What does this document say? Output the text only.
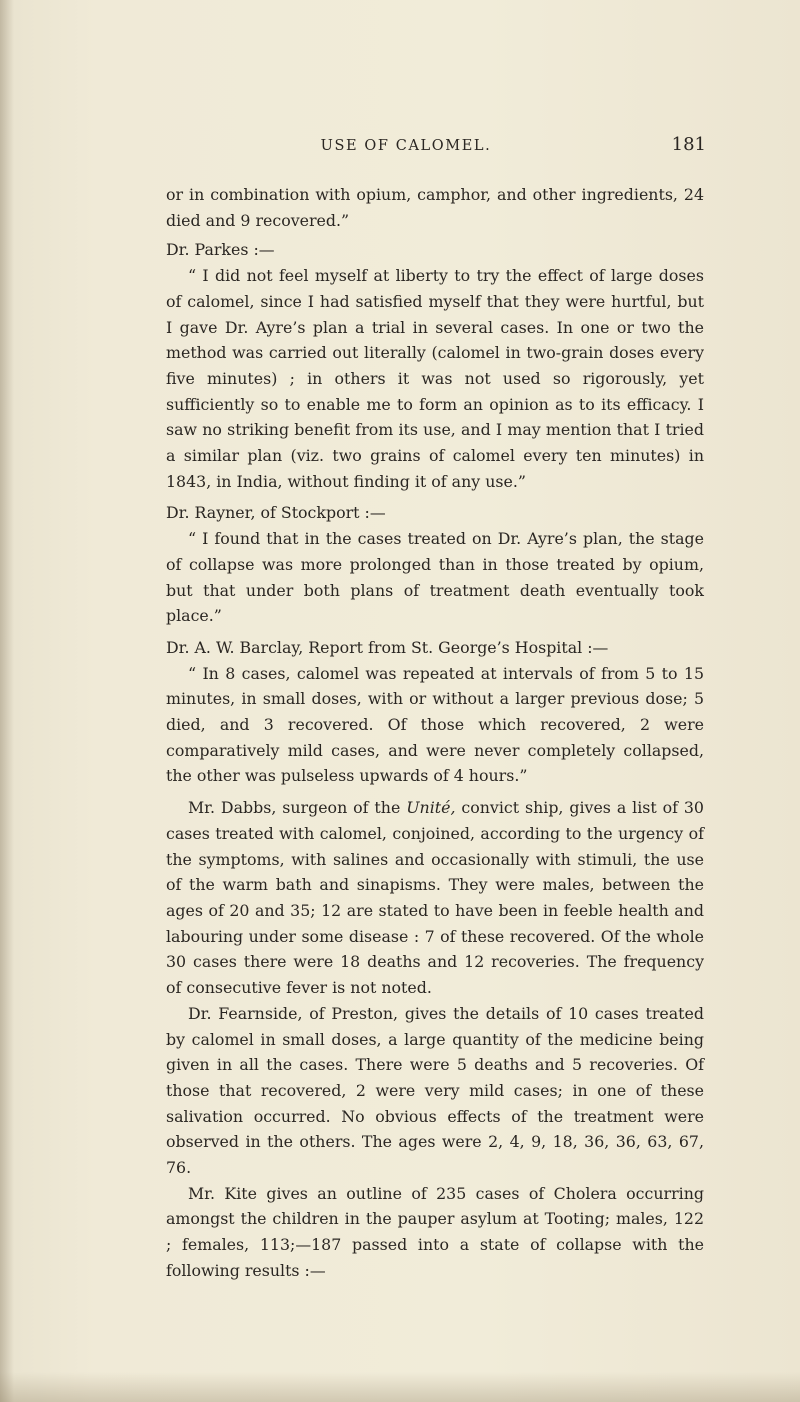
USE OF CALOMEL.	181

or in combination with opium, camphor, and other ingredients, 24 died and 9 recovered.”

Dr. Parkes :—

“ I did not feel myself at liberty to try the effect of large doses of calomel, since I had satisfied myself that they were hurtful, but I gave Dr. Ayre’s plan a trial in several cases. In one or two the method was carried out literally (calomel in two-grain doses every five minutes) ; in others it was not used so rigorously, yet sufficiently so to enable me to form an opinion as to its efficacy. I saw no striking benefit from its use, and I may mention that I tried a similar plan (viz. two grains of calomel every ten minutes) in 1843, in India, without finding it of any use.”

Dr. Rayner, of Stockport :—

“ I found that in the cases treated on Dr. Ayre’s plan, the stage of collapse was more prolonged than in those treated by opium, but that under both plans of treatment death eventually took place.”

Dr. A. W. Barclay, Report from St. George’s Hospital :—

“ In 8 cases, calomel was repeated at intervals of from 5 to 15 minutes, in small doses, with or without a larger previous dose; 5 died, and 3 recovered. Of those which recovered, 2 were comparatively mild cases, and were never completely collapsed, the other was pulseless upwards of 4 hours.”

Mr. Dabbs, surgeon of the Unité, convict ship, gives a list of 30 cases treated with calomel, conjoined, according to the urgency of the symptoms, with salines and occasionally with stimuli, the use of the warm bath and sinapisms. They were males, between the ages of 20 and 35; 12 are stated to have been in feeble health and labouring under some disease : 7 of these recovered. Of the whole 30 cases there were 18 deaths and 12 recoveries. The frequency of consecutive fever is not noted.

Dr. Fearnside, of Preston, gives the details of 10 cases treated by calomel in small doses, a large quantity of the medicine being given in all the cases. There were 5 deaths and 5 recoveries. Of those that recovered, 2 were very mild cases; in one of these salivation occurred. No obvious effects of the treatment were observed in the others. The ages were 2, 4, 9, 18, 36, 36, 63, 67, 76.

Mr. Kite gives an outline of 235 cases of Cholera occurring amongst the children in the pauper asylum at Tooting; males, 122 ; females, 113;—187 passed into a state of collapse with the following results :—
